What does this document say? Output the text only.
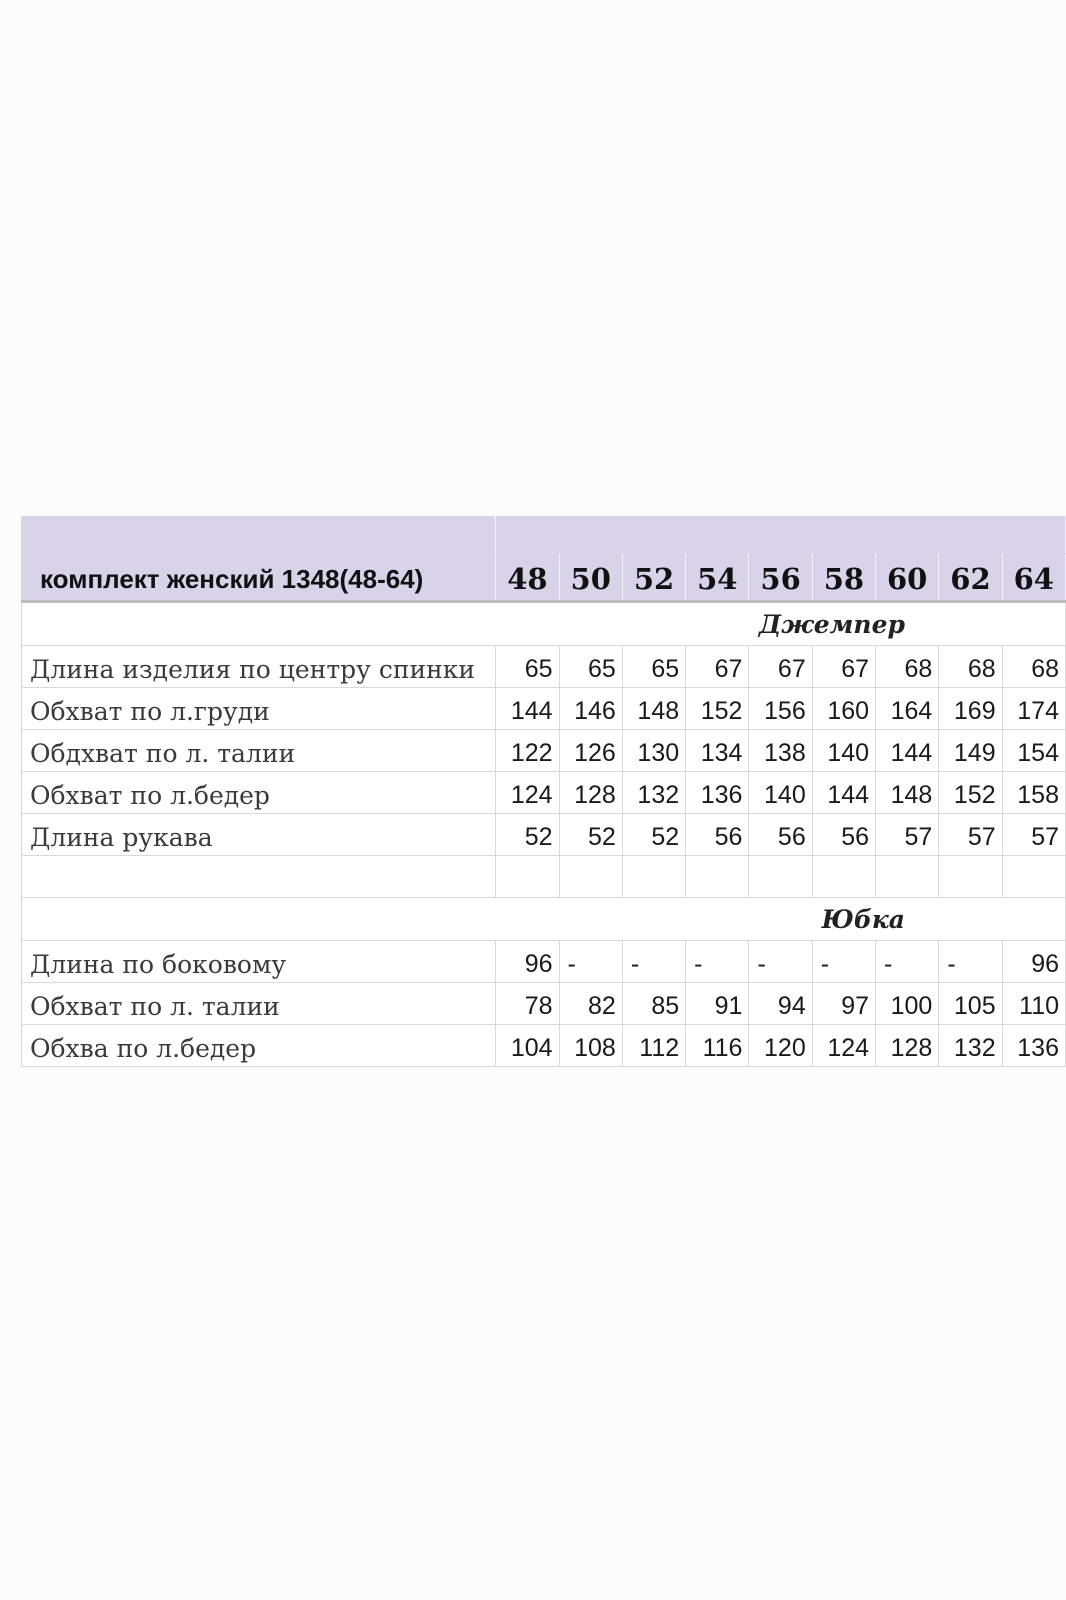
комплект женский 1348(48-64)	48	50	52	54	56	58	60	62	64

Джемпер									

Длина изделия по центру спинки	65	65	65	67	67	67	68	68	68

Обхват по л.груди	144	146	148	152	156	160	164	169	174

Обдхват по л. талии	122	126	130	134	138	140	144	149	154

Обхват по л.бедер	124	128	132	136	140	144	148	152	158

Длина рукава	52	52	52	56	56	56	57	57	57

Юбка									

Длина по боковому	96	-	-	-	-	-	-	-	96

Обхват по л. талии	78	82	85	91	94	97	100	105	110

Обхва по л.бедер	104	108	112	116	120	124	128	132	136
